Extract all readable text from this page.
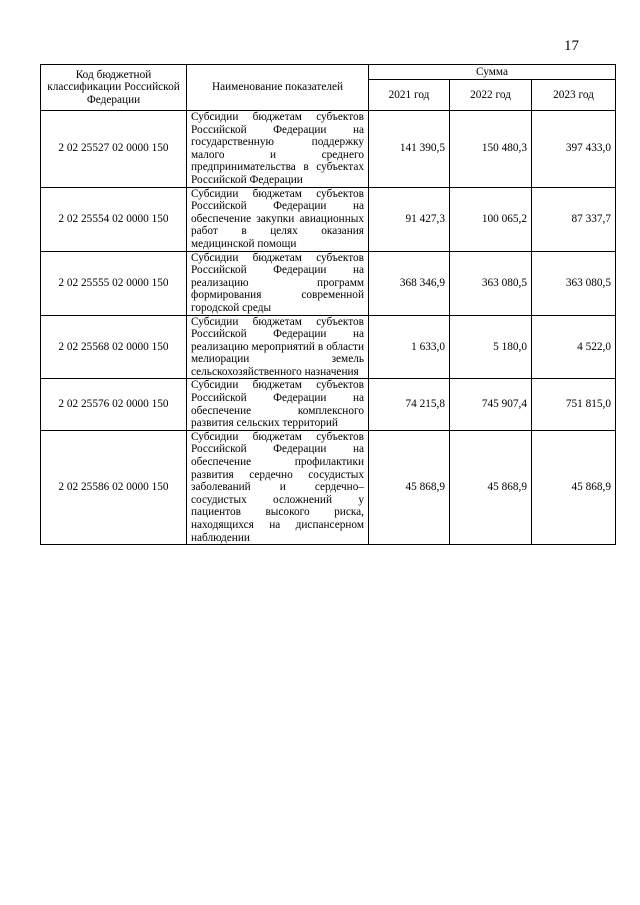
17
Код бюджетной классификации Российской Федерации	Наименование показателей	Сумма		
		2021 год	2022 год	2023 год
2 02 25527 02 0000 150	Субсидии бюджетам субъектов Российской Федерации на государственную поддержку малого и среднего предпринимательства в субъектах Российской Федерации	141 390,5	150 480,3	397 433,0
2 02 25554 02 0000 150	Субсидии бюджетам субъектов Российской Федерации на обеспечение закупки авиационных работ в целях оказания медицинской помощи	91 427,3	100 065,2	87 337,7
2 02 25555 02 0000 150	Субсидии бюджетам субъектов Российской Федерации на реализацию программ формирования современной городской среды	368 346,9	363 080,5	363 080,5
2 02 25568 02 0000 150	Субсидии бюджетам субъектов Российской Федерации на реализацию мероприятий в области мелиорации земель сельскохозяйственного назначения	1 633,0	5 180,0	4 522,0
2 02 25576 02 0000 150	Субсидии бюджетам субъектов Российской Федерации на обеспечение комплексного развития сельских территорий	74 215,8	745 907,4	751 815,0
2 02 25586 02 0000 150	Субсидии бюджетам субъектов Российской Федерации на обеспечение профилактики развития сердечно сосудистых заболеваний и сердечно–сосудистых осложнений у пациентов высокого риска, находящихся на диспансерном наблюдении	45 868,9	45 868,9	45 868,9
